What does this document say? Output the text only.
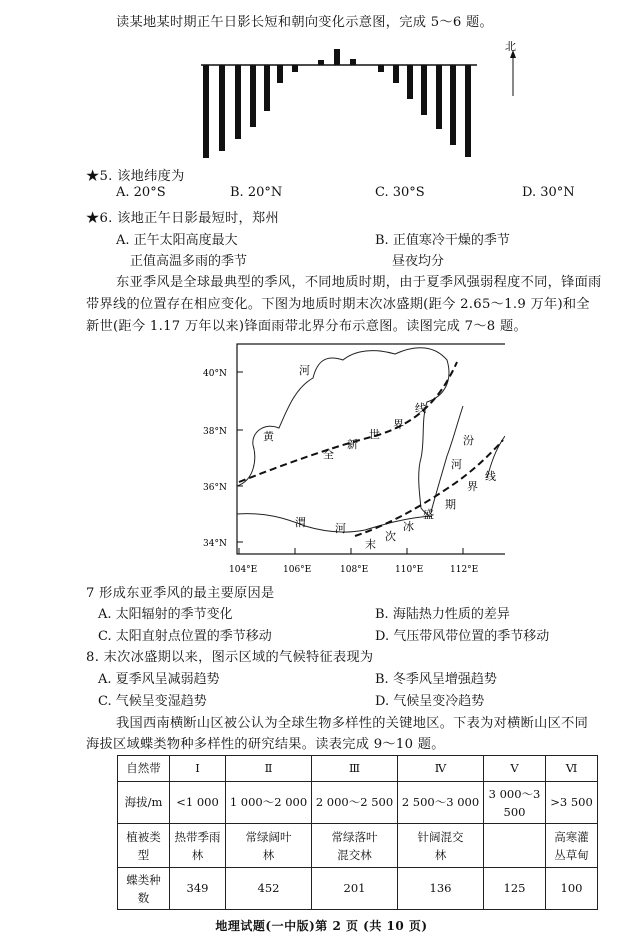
读某地某时期正午日影长短和朝向变化示意图，完成 5～6 题。
北
★5. 该地纬度为
A. 20°S	B. 20°N	C. 30°S	D. 30°N
★6. 该地正午日影最短时，郑州
A. 正午太阳高度最大	B. 正值寒冷干燥的季节
正值高温多雨的季节	昼夜均分
东亚季风是全球最典型的季风，不同地质时期，由于夏季风强弱程度不同，锋面雨
带界线的位置存在相应变化。下图为地质时期末次冰盛期(距今 2.65～1.9 万年)和全
新世(距今 1.17 万年以来)锋面雨带北界分布示意图。读图完成 7～8 题。
40°N
38°N
36°N
34°N
104°E	106°E	108°E	110°E	112°E
河
黄
渭	河
汾
河
全
新
世
界
线
末
次
冰
盛
期
界
线
7 形成东亚季风的最主要原因是
A. 太阳辐射的季节变化	B. 海陆热力性质的差异
C. 太阳直射点位置的季节移动	D. 气压带风带位置的季节移动
8. 末次冰盛期以来，图示区域的气候特征表现为
A. 夏季风呈减弱趋势	B. 冬季风呈增强趋势
C. 气候呈变湿趋势	D. 气候呈变冷趋势
我国西南横断山区被公认为全球生物多样性的关键地区。下表为对横断山区不同
海拔区域蝶类物种多样性的研究结果。读表完成 9～10 题。
自然带	Ⅰ	Ⅱ	Ⅲ	Ⅳ	Ⅴ	Ⅵ
海拔/m	<1 000	1 000～2 000	2 000～2 500	2 500～3 000	3 000～3 500	>3 500
植被类型	热带季雨林	常绿阔叶林	常绿落叶混交林	针阔混交林		高寒灌丛草甸
蝶类种数	349	452	201	136	125	100
地理试题(一中版)第 2 页 (共 10 页)
